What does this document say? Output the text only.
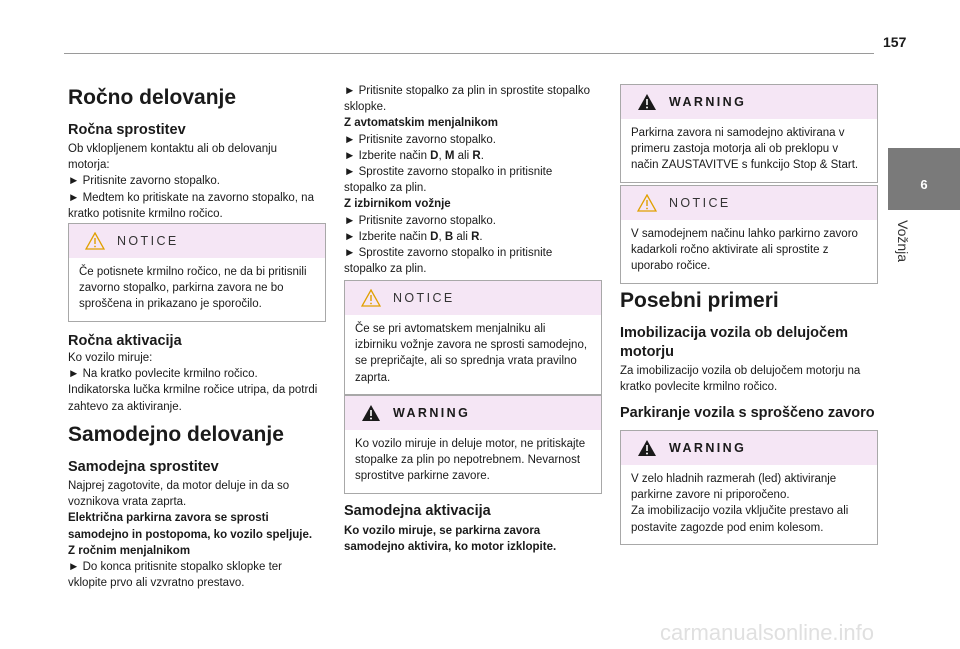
157
6
Vožnja
Ročno delovanje
Ročna sprostitev
Ob vklopljenem kontaktu ali ob delovanju
motorja:
► Pritisnite zavorno stopalko.
► Medtem ko pritiskate na zavorno stopalko, na
kratko potisnite krmilno ročico.
NOTICE
Če potisnete krmilno ročico, ne da bi pritisnili
zavorno stopalko, parkirna zavora ne bo
sproščena in prikazano je sporočilo.
Ročna aktivacija
Ko vozilo miruje:
► Na kratko povlecite krmilno ročico.
Indikatorska lučka krmilne ročice utripa, da potrdi
zahtevo za aktiviranje.
Samodejno delovanje
Samodejna sprostitev
Najprej zagotovite, da motor deluje in da so
voznikova vrata zaprta.
Električna parkirna zavora se sprosti
samodejno in postopoma, ko vozilo speljuje.
Z ročnim menjalnikom
► Do konca pritisnite stopalko sklopke ter
vklopite prvo ali vzvratno prestavo.
► Pritisnite stopalko za plin in sprostite stopalko
sklopke.
Z avtomatskim menjalnikom
► Pritisnite zavorno stopalko.
► Izberite način D, M ali R.
► Sprostite zavorno stopalko in pritisnite
stopalko za plin.
Z izbirnikom vožnje
► Pritisnite zavorno stopalko.
► Izberite način D, B ali R.
► Sprostite zavorno stopalko in pritisnite
stopalko za plin.
NOTICE
Če se pri avtomatskem menjalniku ali
izbirniku vožnje zavora ne sprosti samodejno,
se prepričajte, ali so sprednja vrata pravilno
zaprta.
WARNING
Ko vozilo miruje in deluje motor, ne pritiskajte
stopalke za plin po nepotrebnem. Nevarnost
sprostitve parkirne zavore.
Samodejna aktivacija
Ko vozilo miruje, se parkirna zavora
samodejno aktivira, ko motor izklopite.
WARNING
Parkirna zavora ni samodejno aktivirana v
primeru zastoja motorja ali ob preklopu v
način ZAUSTAVITVE s funkcijo Stop & Start.
NOTICE
V samodejnem načinu lahko parkirno zavoro
kadarkoli ročno aktivirate ali sprostite z
uporabo ročice.
Posebni primeri
Imobilizacija vozila ob delujočem
motorju
Za imobilizacijo vozila ob delujočem motorju na
kratko povlecite krmilno ročico.
Parkiranje vozila s sproščeno zavoro
WARNING
V zelo hladnih razmerah (led) aktiviranje
parkirne zavore ni priporočeno.
Za imobilizacijo vozila vključite prestavo ali
postavite zagozde pod enim kolesom.
carmanualsonline.info
